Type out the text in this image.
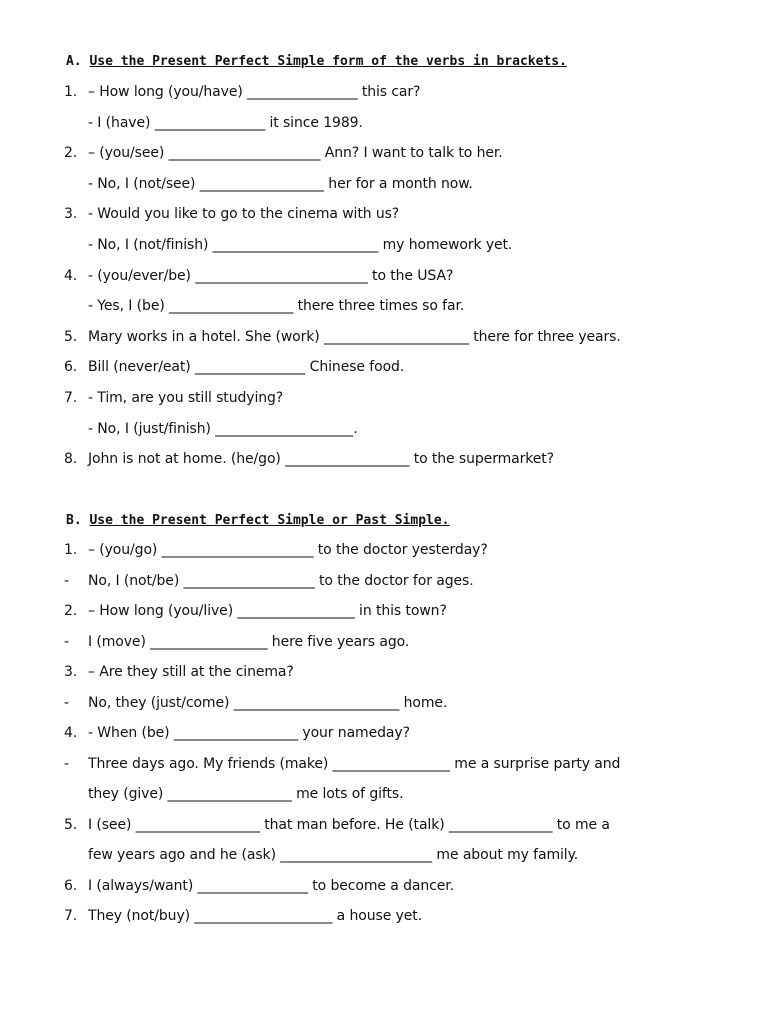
A. Use the Present Perfect Simple form of the verbs in brackets.
1. – How long (you/have) ________________ this car?
- I (have) ________________ it since 1989.
2. – (you/see) ______________________ Ann? I want to talk to her.
- No, I (not/see) __________________ her for a month now.
3. - Would you like to go to the cinema with us?
- No, I (not/finish) ________________________ my homework yet.
4. - (you/ever/be) _________________________ to the USA?
- Yes, I (be) __________________ there three times so far.
5. Mary works in a hotel. She (work) _____________________ there for three years.
6. Bill (never/eat) ________________ Chinese food.
7. - Tim, are you still studying?
- No, I (just/finish) ____________________.
8. John is not at home. (he/go) __________________ to the supermarket?
B. Use the Present Perfect Simple or Past Simple.
1. – (you/go) ______________________ to the doctor yesterday?
- No, I (not/be) ___________________ to the doctor for ages.
2. – How long (you/live) _________________ in this town?
- I (move) _________________ here five years ago.
3. – Are they still at the cinema?
- No, they (just/come) ________________________ home.
4. - When (be) __________________ your nameday?
- Three days ago. My friends (make) _________________ me a surprise party and
they (give) __________________ me lots of gifts.
5. I (see) __________________ that man before. He (talk) _______________ to me a
few years ago and he (ask) ______________________ me about my family.
6. I (always/want) ________________ to become a dancer.
7. They (not/buy) ____________________ a house yet.
